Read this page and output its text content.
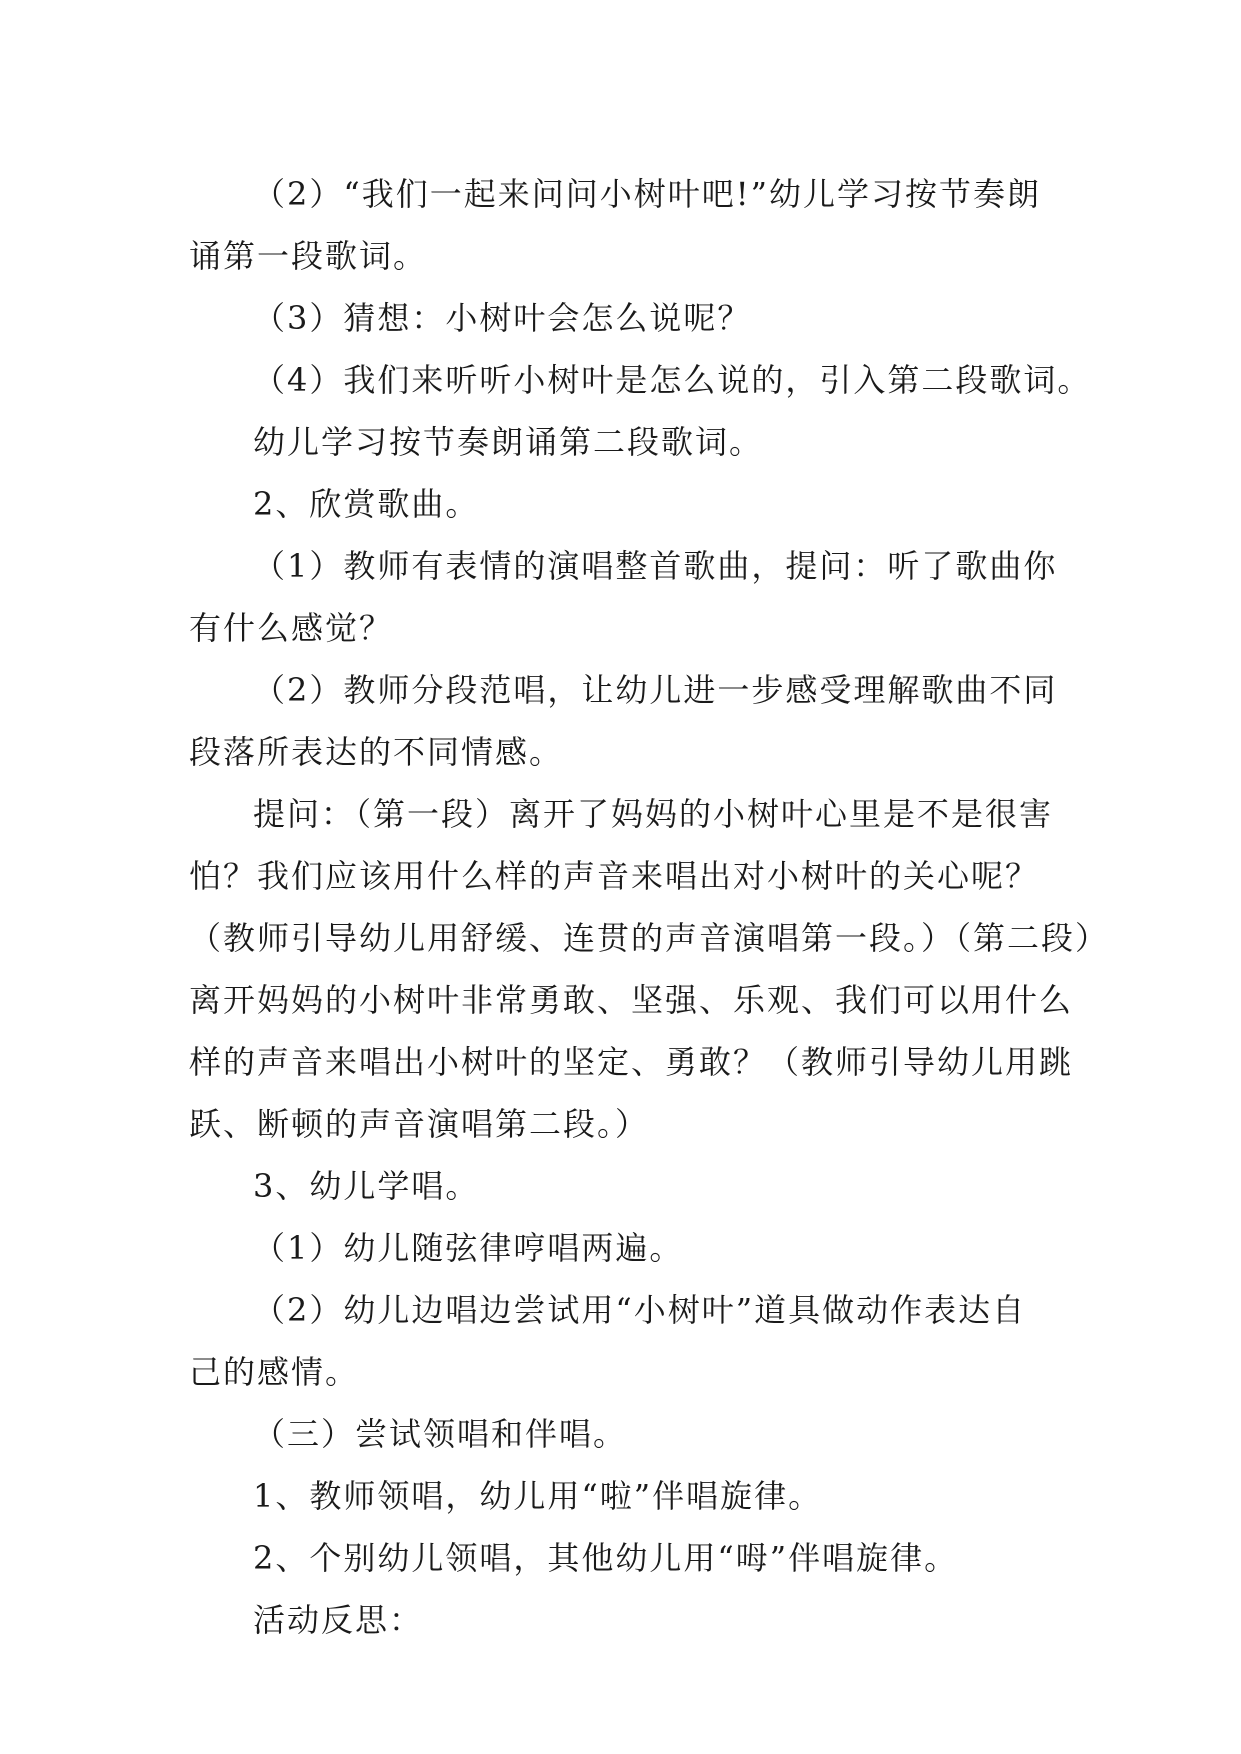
（2）“我们一起来问问小树叶吧!”幼儿学习按节奏朗
诵第一段歌词。
（3）猜想：小树叶会怎么说呢？
（4）我们来听听小树叶是怎么说的，引入第二段歌词。
幼儿学习按节奏朗诵第二段歌词。
2、欣赏歌曲。
（1）教师有表情的演唱整首歌曲，提问：听了歌曲你
有什么感觉？
（2）教师分段范唱，让幼儿进一步感受理解歌曲不同
段落所表达的不同情感。
提问：（第一段）离开了妈妈的小树叶心里是不是很害
怕？我们应该用什么样的声音来唱出对小树叶的关心呢？
（教师引导幼儿用舒缓、连贯的声音演唱第一段。）（第二段）
离开妈妈的小树叶非常勇敢、坚强、乐观、我们可以用什么
样的声音来唱出小树叶的坚定、勇敢？（教师引导幼儿用跳
跃、断顿的声音演唱第二段。）
3、幼儿学唱。
（1）幼儿随弦律哼唱两遍。
（2）幼儿边唱边尝试用“小树叶”道具做动作表达自
己的感情。
（三）尝试领唱和伴唱。
1、教师领唱，幼儿用“啦”伴唱旋律。
2、个别幼儿领唱，其他幼儿用“呣”伴唱旋律。
活动反思：
